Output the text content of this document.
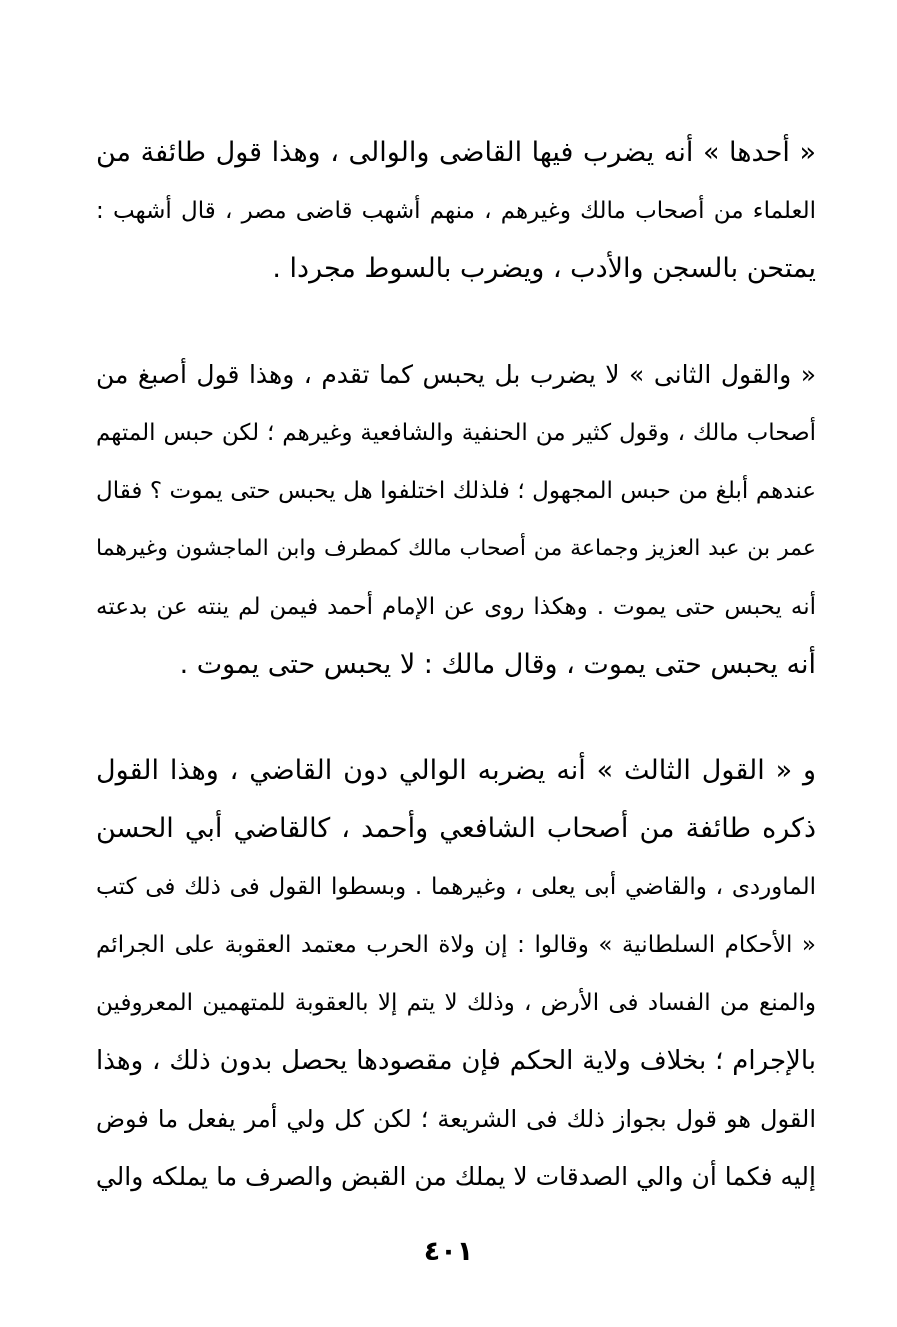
« أحدها » أنه يضرب فيها القاضى والوالى ، وهذا قول طائفة من
العلماء من أصحاب مالك وغيرهم ، منهم أشهب قاضى مصر ، قال أشهب :
يمتحن بالسجن والأدب ، ويضرب بالسوط مجردا .
« والقول الثانى » لا يضرب بل يحبس كما تقدم ، وهذا قول أصبغ من
أصحاب مالك ، وقول كثير من الحنفية والشافعية وغيرهم ؛ لكن حبس المتهم
عندهم أبلغ من حبس المجهول ؛ فلذلك اختلفوا هل يحبس حتى يموت ؟ فقال
عمر بن عبد العزيز وجماعة من أصحاب مالك كمطرف وابن الماجشون وغيرهما
أنه يحبس حتى يموت . وهكذا روى عن الإمام أحمد فيمن لم ينته عن بدعته
أنه يحبس حتى يموت ، وقال مالك : لا يحبس حتى يموت .
و « القول الثالث » أنه يضربه الوالي دون القاضي ، وهذا القول
ذكره طائفة من أصحاب الشافعي وأحمد ، كالقاضي أبي الحسن
الماوردى ، والقاضي أبى يعلى ، وغيرهما . وبسطوا القول فى ذلك فى كتب
« الأحكام السلطانية » وقالوا : إن ولاة الحرب معتمد العقوبة على الجرائم
والمنع من الفساد فى الأرض ، وذلك لا يتم إلا بالعقوبة للمتهمين المعروفين
بالإجرام ؛ بخلاف ولاية الحكم فإن مقصودها يحصل بدون ذلك ، وهذا
القول هو قول بجواز ذلك فى الشريعة ؛ لكن كل ولي أمر يفعل ما فوض
إليه فكما أن والي الصدقات لا يملك من القبض والصرف ما يملكه والي
٤٠١
